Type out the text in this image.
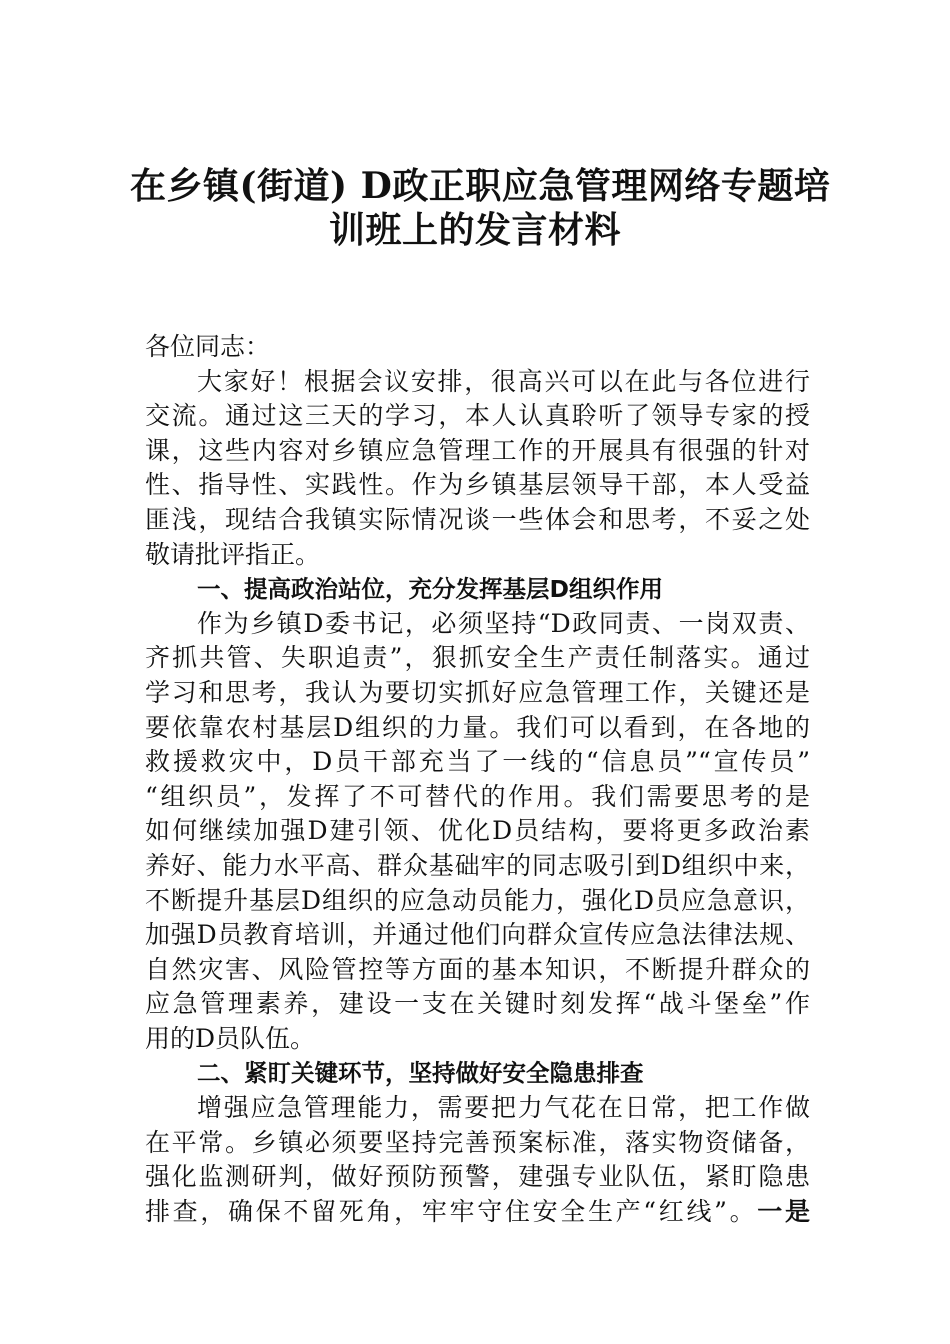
在乡镇(街道) D政正职应急管理网络专题培
训班上的发言材料
各位同志：
大家好！根据会议安排，很高兴可以在此与各位进行
交流。通过这三天的学习，本人认真聆听了领导专家的授
课，这些内容对乡镇应急管理工作的开展具有很强的针对
性、指导性、实践性。作为乡镇基层领导干部，本人受益
匪浅，现结合我镇实际情况谈一些体会和思考，不妥之处
敬请批评指正。
一、提高政治站位，充分发挥基层D组织作用
作为乡镇D委书记，必须坚持“D政同责、一岗双责、
齐抓共管、失职追责”，狠抓安全生产责任制落实。通过
学习和思考，我认为要切实抓好应急管理工作，关键还是
要依靠农村基层D组织的力量。我们可以看到，在各地的
救援救灾中，D员干部充当了一线的“信息员”“宣传员”
“组织员”，发挥了不可替代的作用。我们需要思考的是
如何继续加强D建引领、优化D员结构，要将更多政治素
养好、能力水平高、群众基础牢的同志吸引到D组织中来，
不断提升基层D组织的应急动员能力，强化D员应急意识，
加强D员教育培训，并通过他们向群众宣传应急法律法规、
自然灾害、风险管控等方面的基本知识，不断提升群众的
应急管理素养，建设一支在关键时刻发挥“战斗堡垒”作
用的D员队伍。
二、紧盯关键环节，坚持做好安全隐患排查
增强应急管理能力，需要把力气花在日常，把工作做
在平常。乡镇必须要坚持完善预案标准，落实物资储备，
强化监测研判，做好预防预警，建强专业队伍，紧盯隐患
排查，确保不留死角，牢牢守住安全生产“红线”。一是
